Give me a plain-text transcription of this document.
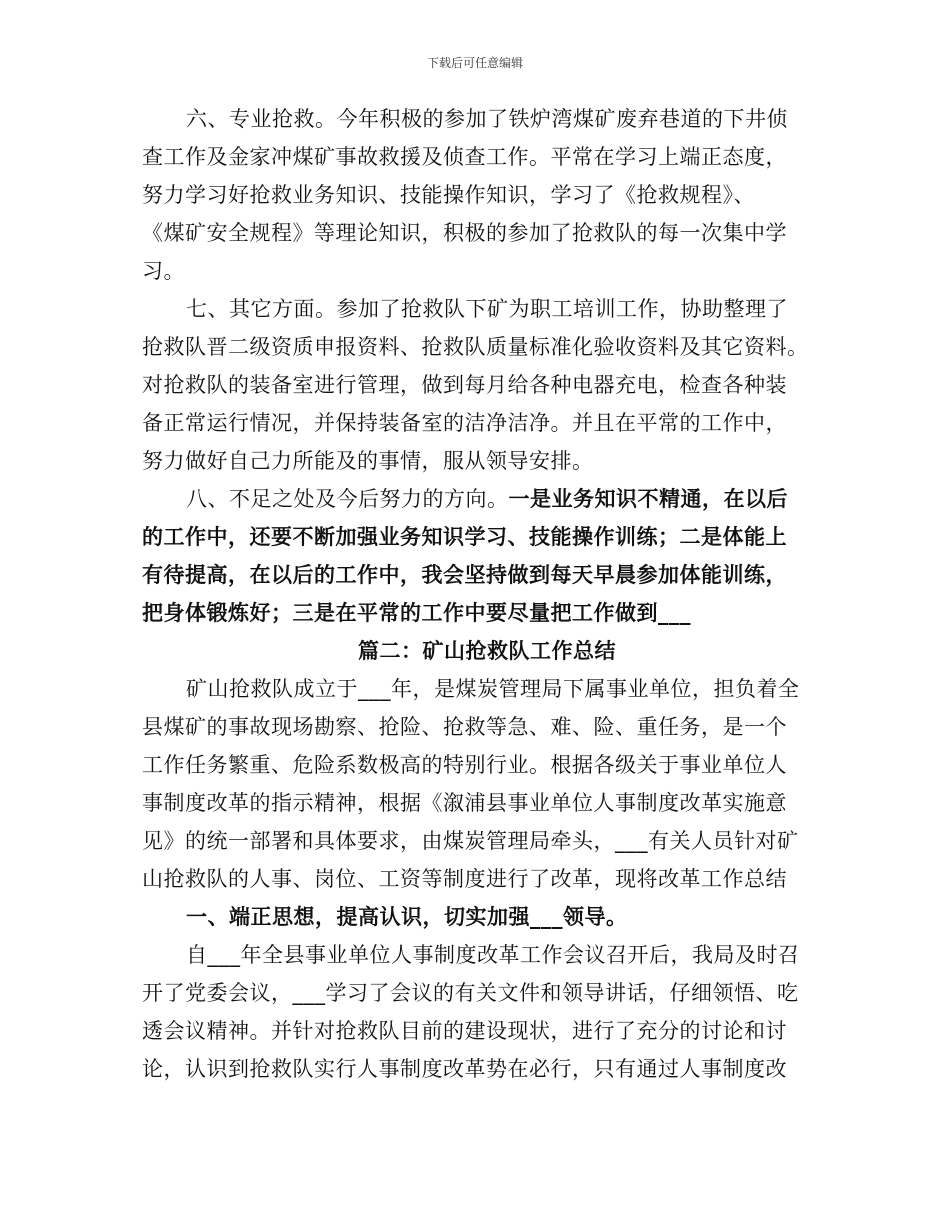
下载后可任意编辑
六、专业抢救。今年积极的参加了铁炉湾煤矿废弃巷道的下井侦
查工作及金家冲煤矿事故救援及侦查工作。平常在学习上端正态度，
努力学习好抢救业务知识、技能操作知识，学习了《抢救规程》、
《煤矿安全规程》等理论知识，积极的参加了抢救队的每一次集中学
习。
七、其它方面。参加了抢救队下矿为职工培训工作，协助整理了
抢救队晋二级资质申报资料、抢救队质量标准化验收资料及其它资料。
对抢救队的装备室进行管理，做到每月给各种电器充电，检查各种装
备正常运行情况，并保持装备室的洁净洁净。并且在平常的工作中，
努力做好自己力所能及的事情，服从领导安排。
八、不足之处及今后努力的方向。一是业务知识不精通，在以后
的工作中，还要不断加强业务知识学习、技能操作训练；二是体能上
有待提高，在以后的工作中，我会坚持做到每天早晨参加体能训练，
把身体锻炼好；三是在平常的工作中要尽量把工作做到___
篇二：矿山抢救队工作总结
矿山抢救队成立于___年，是煤炭管理局下属事业单位，担负着全
县煤矿的事故现场勘察、抢险、抢救等急、难、险、重任务，是一个
工作任务繁重、危险系数极高的特别行业。根据各级关于事业单位人
事制度改革的指示精神，根据《溆浦县事业单位人事制度改革实施意
见》的统一部署和具体要求，由煤炭管理局牵头，___有关人员针对矿
山抢救队的人事、岗位、工资等制度进行了改革，现将改革工作总结
一、端正思想，提高认识，切实加强___领导。
自___年全县事业单位人事制度改革工作会议召开后，我局及时召
开了党委会议，___学习了会议的有关文件和领导讲话，仔细领悟、吃
透会议精神。并针对抢救队目前的建设现状，进行了充分的讨论和讨
论，认识到抢救队实行人事制度改革势在必行，只有通过人事制度改
